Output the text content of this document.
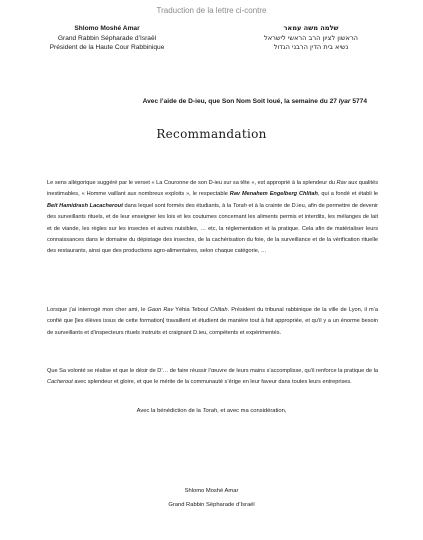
Traduction de la lettre ci-contre
Shlomo Moshé Amar
Grand Rabbin Sépharade d’Israël
Président de la Haute Cour Rabbinique
שלמה משה עמאר
הראשון לציון הרב הראשי לישראל
נשיא בית הדין הרבני הגדול
Avec l’aide de D-ieu, que Son Nom Soit loué, la semaine du 27 Iyar 5774
Recommandation
Le sens allégorique suggéré par le verset « La Couronne de son D-ieu sur sa tête », est approprié à la splendeur du Rav aux qualités inestimables, « Homme vaillant aux nombreux exploits », le respectable Rav Menahem Engelberg Chlitah, qui a fondé et établi le Beit Hamidrash Lacacherout dans lequel sont formés des étudiants, à la Torah et à la crainte de D.ieu, afin de permettre de devenir des surveillants rituels, et de leur enseigner les lois et les coutumes concernant les aliments permis et interdits, les mélanges de lait et de viande, les règles sur les insectes et autres nuisibles, … etc, la réglementation et la pratique. Cela afin de matérialiser leurs connaissances dans le domaine du dépistage des insectes, de la cachérisation du foie, de la surveillance et de la vérification rituelle des restaurants, ainsi que des productions agro-alimentaires, selon chaque catégorie, …
Lorsque j’ai interrogé mon cher ami, le Gaon Rav Yéhia Teboul Chlitah. Président du tribunal rabbinique de la ville de Lyon, il m’a confié que [les élèves issus de cette formation] travaillent et étudient de manière tout à fait appropriée, et qu’il y a un énorme besoin de surveillants et d’inspecteurs rituels instruits et craignant D.ieu, compétents et expérimentés.
Que Sa volonté se réalise et que le désir de D’… de faire réussir l’œuvre de leurs mains s’accomplisse, qu’il renforce la pratique de la Cacherout avec splendeur et gloire, et que le mérite de la communauté s’érige en leur faveur dans toutes leurs entreprises.
Avec la bénédiction de la Torah, et avec ma considération,
Shlomo Moshé Amar
Grand Rabbin Sépharade d’Israël
